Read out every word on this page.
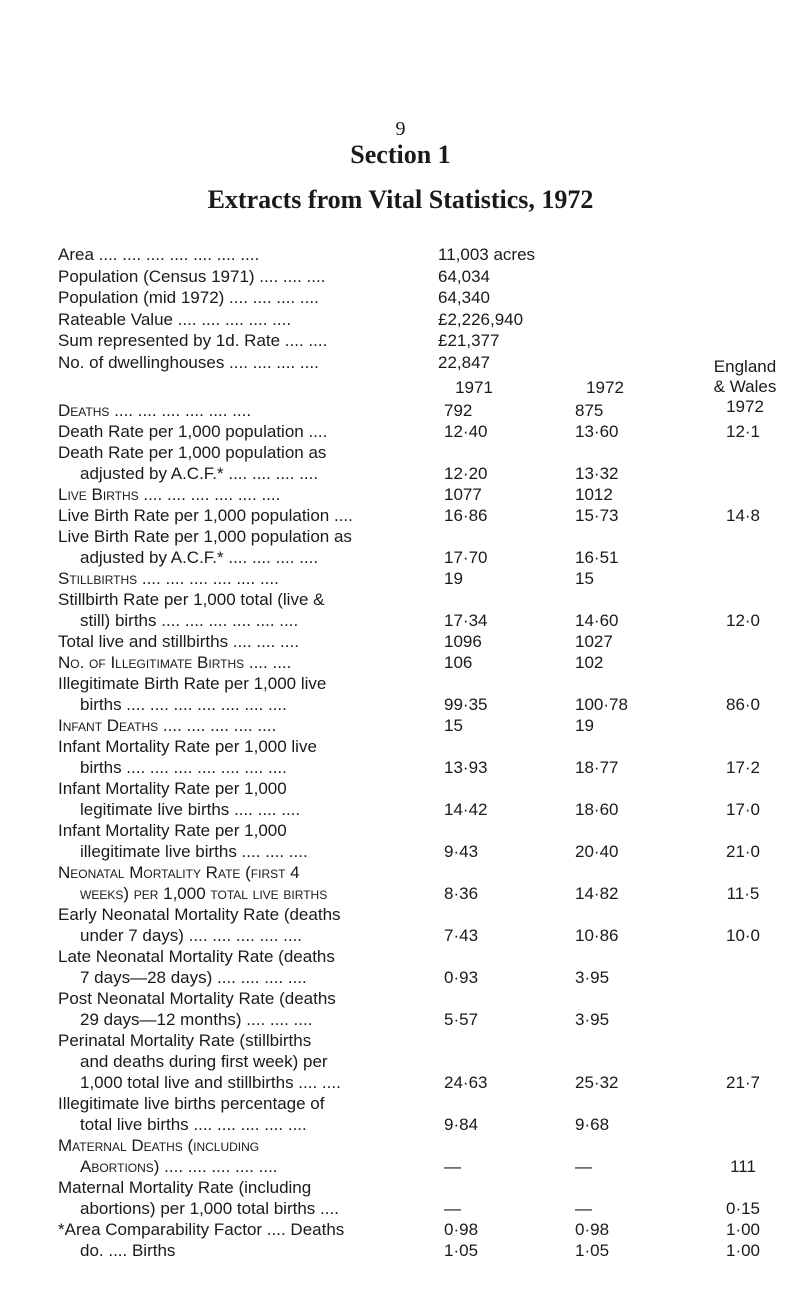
9
Section 1
Extracts from Vital Statistics, 1972
Area .... .... .... .... .... .... ....	11,003 acres
Population (Census 1971) .... .... ....	64,034
Population (mid 1972) .... .... .... ....	64,340
Rateable Value .... .... .... .... ....	£2,226,940
Sum represented by 1d. Rate .... ....	£21,377
No. of dwellinghouses .... .... .... ....	22,847
1971	1972
England
& Wales
1972
Deaths .... .... .... .... .... ....	792	875
Death Rate per 1,000 population ....	12·40	13·60	12·1
Death Rate per 1,000 population as
adjusted by A.C.F.* .... .... .... ....	12·20	13·32
Live Births .... .... .... .... .... ....	1077	1012
Live Birth Rate per 1,000 population ....	16·86	15·73	14·8
Live Birth Rate per 1,000 population as
adjusted by A.C.F.* .... .... .... ....	17·70	16·51
Stillbirths .... .... .... .... .... ....	19	15
Stillbirth Rate per 1,000 total (live &
still) births .... .... .... .... .... ....	17·34	14·60	12·0
Total live and stillbirths .... .... ....	1096	1027
No. of Illegitimate Births .... ....	106	102
Illegitimate Birth Rate per 1,000 live
births .... .... .... .... .... .... ....	99·35	100·78	86·0
Infant Deaths .... .... .... .... ....	15	19
Infant Mortality Rate per 1,000 live
births .... .... .... .... .... .... ....	13·93	18·77	17·2
Infant Mortality Rate per 1,000
legitimate live births .... .... ....	14·42	18·60	17·0
Infant Mortality Rate per 1,000
illegitimate live births .... .... ....	9·43	20·40	21·0
Neonatal Mortality Rate (first 4
weeks) per 1,000 total live births	8·36	14·82	11·5
Early Neonatal Mortality Rate (deaths
under 7 days) .... .... .... .... ....	7·43	10·86	10·0
Late Neonatal Mortality Rate (deaths
7 days—28 days) .... .... .... ....	0·93	3·95
Post Neonatal Mortality Rate (deaths
29 days—12 months) .... .... ....	5·57	3·95
Perinatal Mortality Rate (stillbirths
and deaths during first week) per
1,000 total live and stillbirths .... ....	24·63	25·32	21·7
Illegitimate live births percentage of
total live births .... .... .... .... ....	9·84	9·68
Maternal Deaths (including
Abortions) .... .... .... .... ....	—	—	111
Maternal Mortality Rate (including
abortions) per 1,000 total births ....	—	—	0·15
*Area Comparability Factor .... Deaths	0·98	0·98	1·00
do. .... Births	1·05	1·05	1·00
